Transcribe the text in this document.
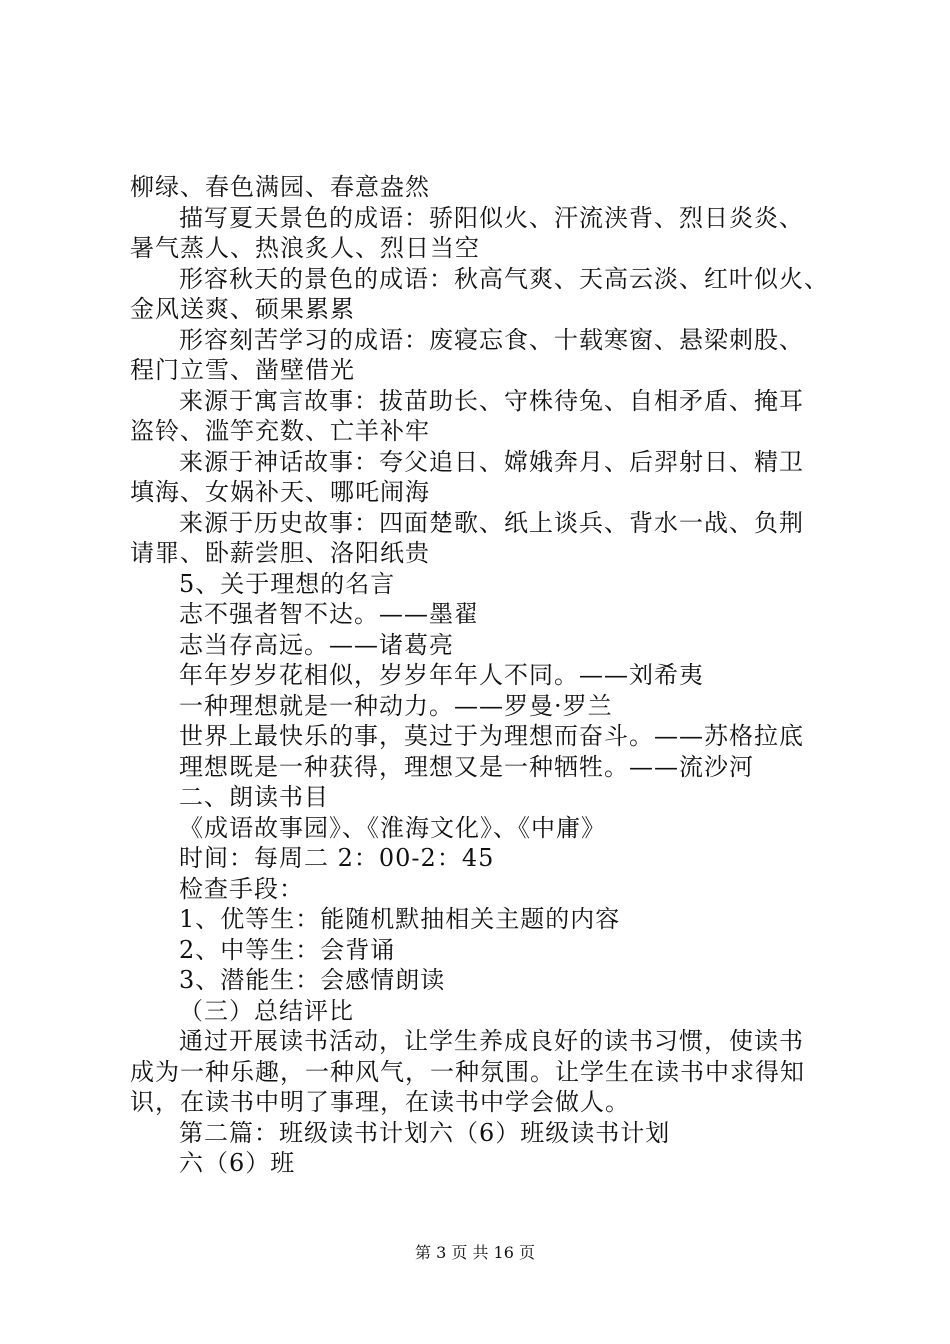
柳绿、春色满园、春意盎然
描写夏天景色的成语：骄阳似火、汗流浃背、烈日炎炎、
暑气蒸人、热浪炙人、烈日当空
形容秋天的景色的成语：秋高气爽、天高云淡、红叶似火、
金风送爽、硕果累累
形容刻苦学习的成语：废寝忘食、十载寒窗、悬梁刺股、
程门立雪、凿壁借光
来源于寓言故事：拔苗助长、守株待兔、自相矛盾、掩耳
盗铃、滥竽充数、亡羊补牢
来源于神话故事：夸父追日、嫦娥奔月、后羿射日、精卫
填海、女娲补天、哪吒闹海
来源于历史故事：四面楚歌、纸上谈兵、背水一战、负荆
请罪、卧薪尝胆、洛阳纸贵
5、关于理想的名言
志不强者智不达。——墨翟
志当存高远。——诸葛亮
年年岁岁花相似，岁岁年年人不同。——刘希夷
一种理想就是一种动力。——罗曼·罗兰
世界上最快乐的事，莫过于为理想而奋斗。——苏格拉底
理想既是一种获得，理想又是一种牺牲。——流沙河
二、朗读书目
《成语故事园》、《淮海文化》、《中庸》
时间：每周二 2：00-2：45
检查手段：
1、优等生：能随机默抽相关主题的内容
2、中等生：会背诵
3、潜能生：会感情朗读
（三）总结评比
通过开展读书活动，让学生养成良好的读书习惯，使读书
成为一种乐趣，一种风气，一种氛围。让学生在读书中求得知
识，在读书中明了事理，在读书中学会做人。
第二篇：班级读书计划六（6）班级读书计划
六（6）班
第 3 页 共 16 页
